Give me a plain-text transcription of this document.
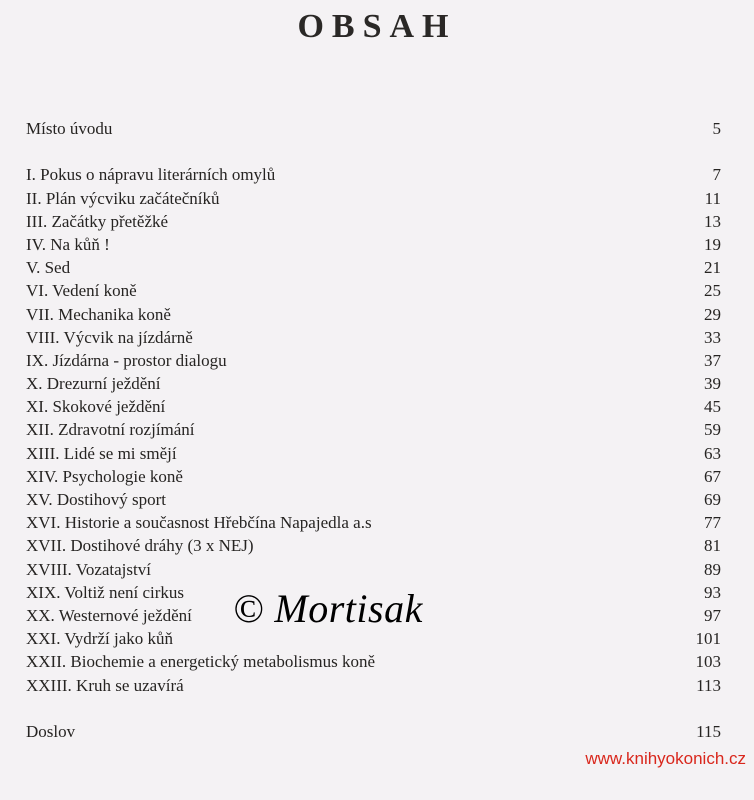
OBSAH
Místo úvodu	5
I. Pokus o nápravu literárních omylů	7
II. Plán výcviku začátečníků	11
III. Začátky přetěžké	13
IV. Na kůň !	19
V. Sed	21
VI. Vedení koně	25
VII. Mechanika koně	29
VIII. Výcvik na jízdárně	33
IX. Jízdárna - prostor dialogu	37
X. Drezurní ježdění	39
XI. Skokové ježdění	45
XII. Zdravotní rozjímání	59
XIII. Lidé se mi smějí	63
XIV. Psychologie koně	67
XV. Dostihový sport	69
XVI. Historie a současnost Hřebčína Napajedla a.s	77
XVII. Dostihové dráhy (3 x NEJ)	81
XVIII. Vozatajství	89
XIX. Voltiž není cirkus	93
XX. Westernové ježdění	97
XXI. Vydrží jako kůň	101
XXII. Biochemie a energetický metabolismus koně	103
XXIII. Kruh se uzavírá	113
Doslov	115
© Mortisak
www.knihyokonich.cz
